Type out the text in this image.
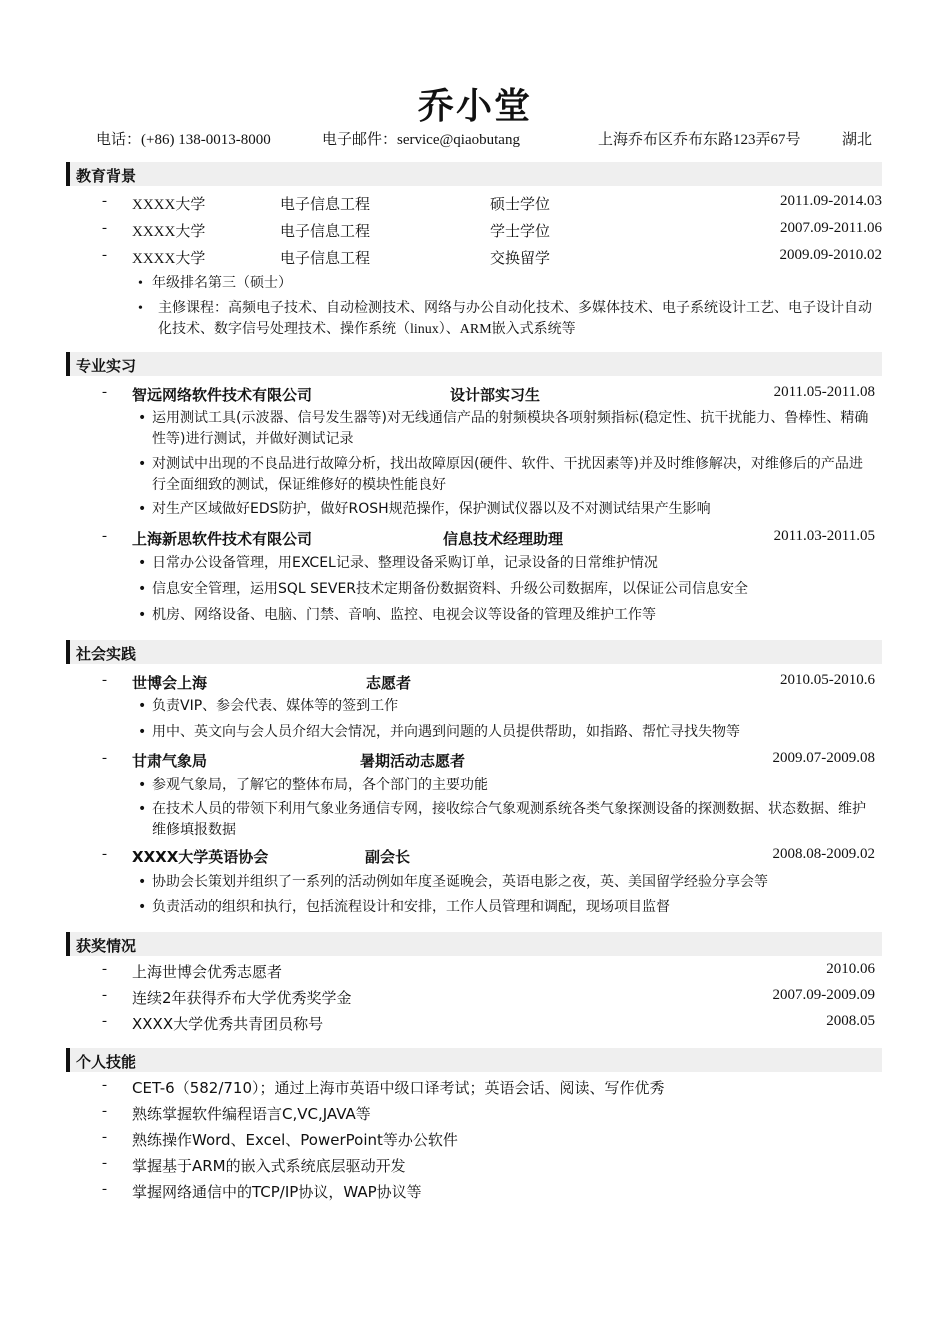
乔小堂
电话：(+86) 138-0013-8000	电子邮件：service@qiaobutang	上海乔布区乔布东路123弄67号	湖北
教育背景
- XXXX大学	电子信息工程	硕士学位	2011.09-2014.03
- XXXX大学	电子信息工程	学士学位	2007.09-2011.06
- XXXX大学	电子信息工程	交换留学	2009.09-2010.02
• 年级排名第三（硕士）
• 主修课程：高频电子技术、自动检测技术、网络与办公自动化技术、多媒体技术、电子系统设计工艺、电子设计自动化技术、数字信号处理技术、操作系统（linux）、ARM嵌入式系统等
专业实习
- 智远网络软件技术有限公司	设计部实习生	2011.05-2011.08
• 运用测试工具(示波器、信号发生器等)对无线通信产品的射频模块各项射频指标(稳定性、抗干扰能力、鲁棒性、精确性等)进行测试，并做好测试记录
• 对测试中出现的不良品进行故障分析，找出故障原因(硬件、软件、干扰因素等)并及时维修解决，对维修后的产品进行全面细致的测试，保证维修好的模块性能良好
• 对生产区域做好EDS防护，做好ROSH规范操作，保护测试仪器以及不对测试结果产生影响
- 上海新思软件技术有限公司	信息技术经理助理	2011.03-2011.05
• 日常办公设备管理，用EXCEL记录、整理设备采购订单，记录设备的日常维护情况
• 信息安全管理，运用SQL SEVER技术定期备份数据资料、升级公司数据库，以保证公司信息安全
• 机房、网络设备、电脑、门禁、音响、监控、电视会议等设备的管理及维护工作等
社会实践
- 世博会上海	志愿者	2010.05-2010.6
• 负责VIP、参会代表、媒体等的签到工作
• 用中、英文向与会人员介绍大会情况，并向遇到问题的人员提供帮助，如指路、帮忙寻找失物等
- 甘肃气象局	暑期活动志愿者	2009.07-2009.08
• 参观气象局，了解它的整体布局，各个部门的主要功能
• 在技术人员的带领下利用气象业务通信专网，接收综合气象观测系统各类气象探测设备的探测数据、状态数据、维护维修填报数据
- XXXX大学英语协会	副会长	2008.08-2009.02
• 协助会长策划并组织了一系列的活动例如年度圣诞晚会，英语电影之夜，英、美国留学经验分享会等
• 负责活动的组织和执行，包括流程设计和安排，工作人员管理和调配，现场项目监督
获奖情况
- 上海世博会优秀志愿者	2010.06
- 连续2年获得乔布大学优秀奖学金	2007.09-2009.09
- XXXX大学优秀共青团员称号	2008.05
个人技能
- CET-6（582/710）；通过上海市英语中级口译考试；英语会话、阅读、写作优秀
- 熟练掌握软件编程语言C,VC,JAVA等
- 熟练操作Word、Excel、PowerPoint等办公软件
- 掌握基于ARM的嵌入式系统底层驱动开发
- 掌握网络通信中的TCP/IP协议，WAP协议等
